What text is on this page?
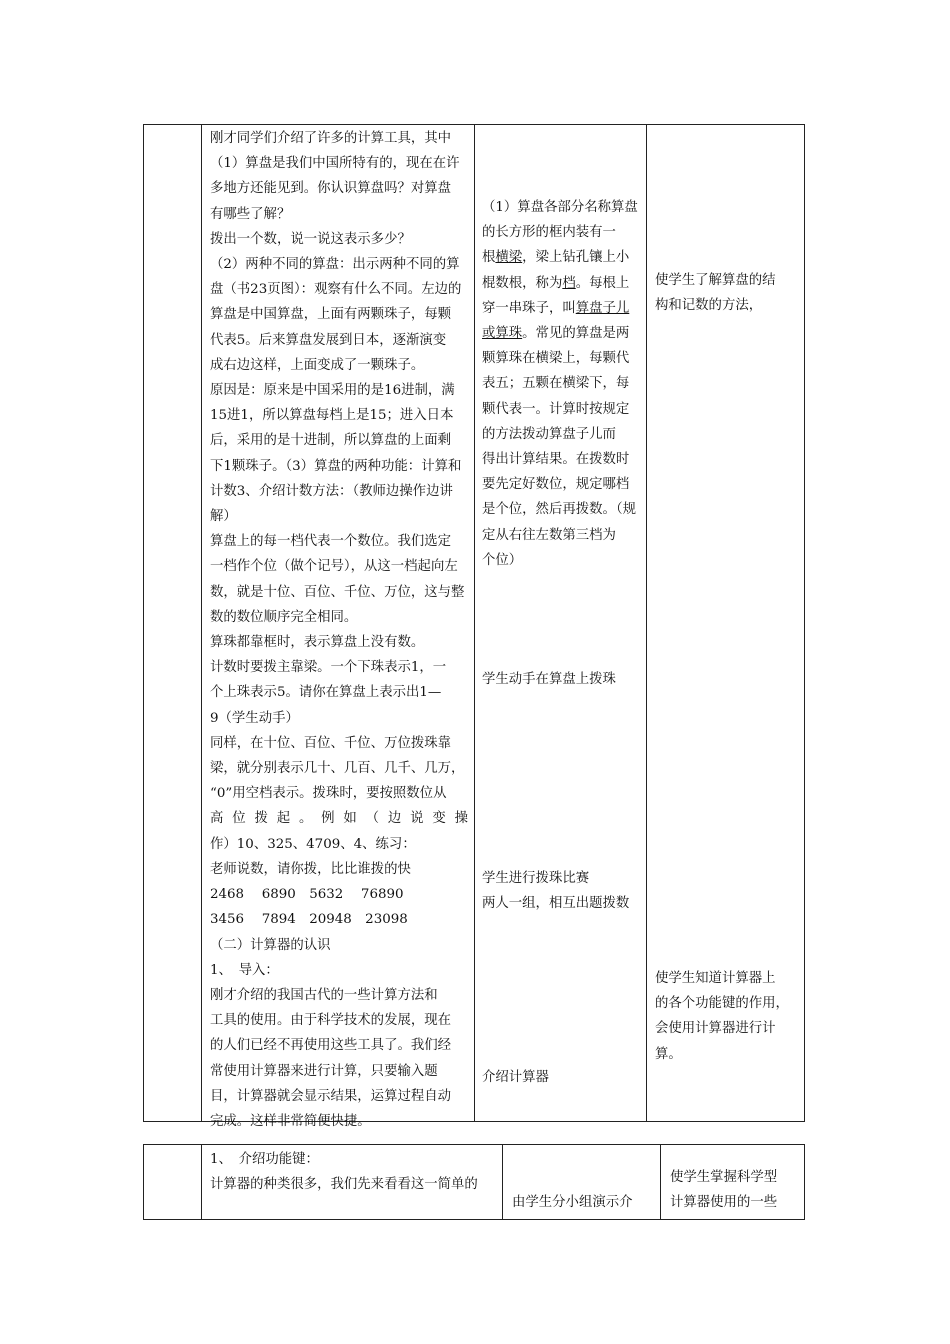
刚才同学们介绍了许多的计算工具，其中
（1）算盘是我们中国所特有的，现在在许
多地方还能见到。你认识算盘吗？对算盘
有哪些了解？
拨出一个数，说一说这表示多少？
（2）两种不同的算盘：出示两种不同的算
盘（书23页图）：观察有什么不同。左边的
算盘是中国算盘，上面有两颗珠子，每颗
代表5。后来算盘发展到日本，逐渐演变
成右边这样，上面变成了一颗珠子。
原因是：原来是中国采用的是16进制，满
15进1，所以算盘每档上是15；进入日本
后，采用的是十进制，所以算盘的上面剩
下1颗珠子。（3）算盘的两种功能：计算和
计数3、介绍计数方法：（教师边操作边讲
解）
算盘上的每一档代表一个数位。我们选定
一档作个位（做个记号），从这一档起向左
数，就是十位、百位、千位、万位，这与整
数的数位顺序完全相同。
算珠都靠框时，表示算盘上没有数。
计数时要拨主靠梁。一个下珠表示1，一
个上珠表示5。请你在算盘上表示出1—
9（学生动手）
同样，在十位、百位、千位、万位拨珠靠
梁，就分别表示几十、几百、几千、几万，
“0”用空档表示。拨珠时，要按照数位从
高 位 拨 起 。 例 如 （ 边 说 变 操
作）10、325、4709、4、练习：
老师说数，请你拨，比比谁拨的快
2468　 6890　5632　 76890
3456　 7894　20948　23098
（二）计算器的认识
1、　导入：
刚才介绍的我国古代的一些计算方法和
工具的使用。由于科学技术的发展，现在
的人们已经不再使用这些工具了。我们经
常使用计算器来进行计算，只要输入题
目，计算器就会显示结果，运算过程自动
完成。这样非常简便快捷。
（1）算盘各部分名称算盘
的长方形的框内装有一
根横梁，梁上钻孔镶上小
棍数根，称为档。每根上
穿一串珠子，叫算盘子儿
或算珠。常见的算盘是两
颗算珠在横梁上，每颗代
表五；五颗在横梁下，每
颗代表一。计算时按规定
的方法拨动算盘子儿而
得出计算结果。在拨数时
要先定好数位，规定哪档
是个位，然后再拨数。（规
定从右往左数第三档为
个位）
学生动手在算盘上拨珠
学生进行拨珠比赛
两人一组，相互出题拨数
介绍计算器
使学生了解算盘的结
构和记数的方法，
使学生知道计算器上
的各个功能键的作用，
会使用计算器进行计
算。
1、　介绍功能键：
计算器的种类很多，我们先来看看这一简单的
由学生分小组演示介
使学生掌握科学型
计算器使用的一些
